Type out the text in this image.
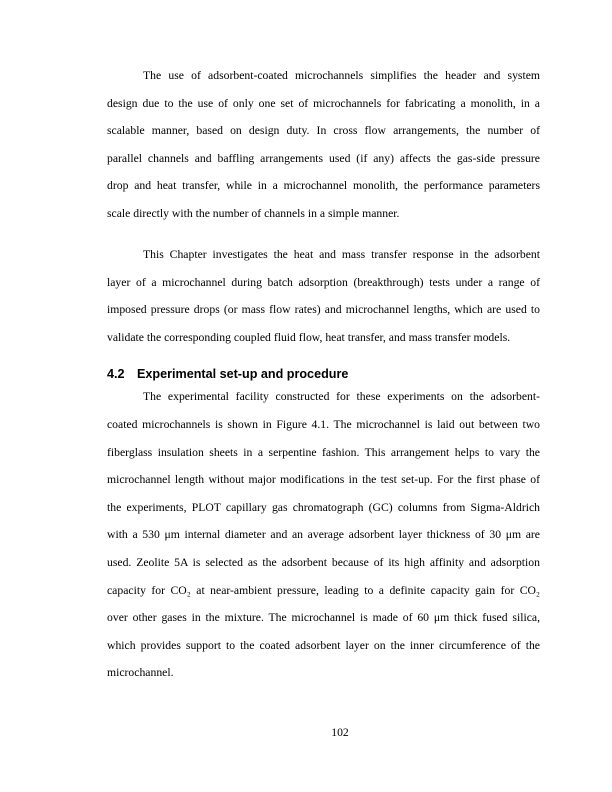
The use of adsorbent-coated microchannels simplifies the header and system
design due to the use of only one set of microchannels for fabricating a monolith, in a
scalable manner, based on design duty. In cross flow arrangements, the number of
parallel channels and baffling arrangements used (if any) affects the gas-side pressure
drop and heat transfer, while in a microchannel monolith, the performance parameters
scale directly with the number of channels in a simple manner.
This Chapter investigates the heat and mass transfer response in the adsorbent
layer of a microchannel during batch adsorption (breakthrough) tests under a range of
imposed pressure drops (or mass flow rates) and microchannel lengths, which are used to
validate the corresponding coupled fluid flow, heat transfer, and mass transfer models.
4.2 Experimental set-up and procedure
The experimental facility constructed for these experiments on the adsorbent-
coated microchannels is shown in Figure 4.1. The microchannel is laid out between two
fiberglass insulation sheets in a serpentine fashion. This arrangement helps to vary the
microchannel length without major modifications in the test set-up. For the first phase of
the experiments, PLOT capillary gas chromatograph (GC) columns from Sigma-Aldrich
with a 530 μm internal diameter and an average adsorbent layer thickness of 30 μm are
used. Zeolite 5A is selected as the adsorbent because of its high affinity and adsorption
capacity for CO₂ at near-ambient pressure, leading to a definite capacity gain for CO₂
over other gases in the mixture. The microchannel is made of 60 μm thick fused silica,
which provides support to the coated adsorbent layer on the inner circumference of the
microchannel.
102
